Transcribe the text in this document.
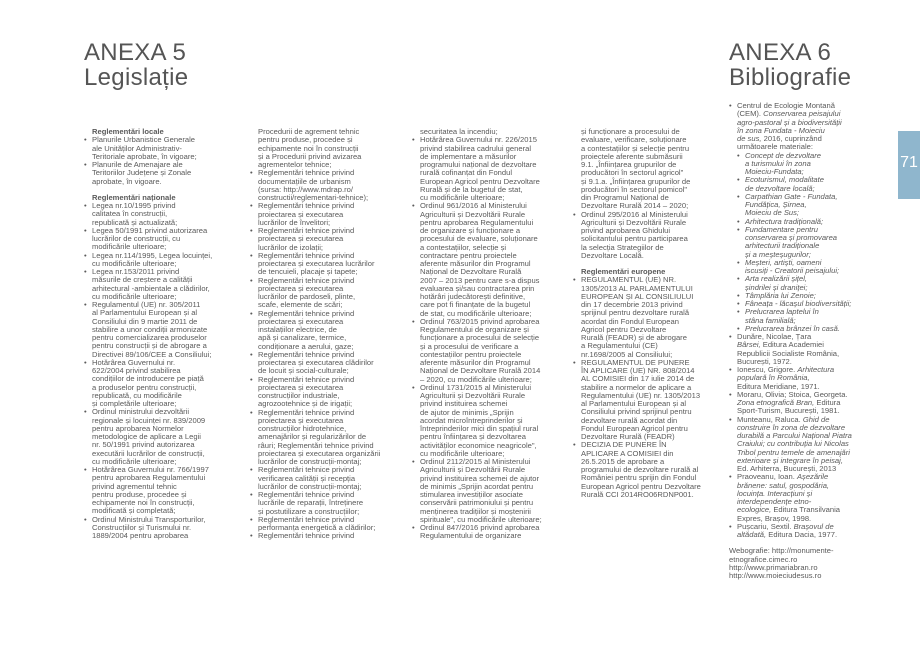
ANEXA 5
Legislație
ANEXA 6
Bibliografie
Reglementări locale
• Planurile Urbanistice Generale
ale Unităților Administrativ-
Teritoriale aprobate, în vigoare;
• Planurile de Amenajare ale
Teritoriilor Județene și Zonale
aprobate, în vigoare.
Reglementări naționale
• Legea nr.10/1995 privind
calitatea în construcții,
republicată și actualizată;
• Legea 50/1991 privind autorizarea
lucrărilor de construcții, cu
modificările ulterioare;
• Legea nr.114/1995, Legea locuinței,
cu modificările ulterioare;
• Legea nr.153/2011 privind
măsurile de creștere a calității
arhitectural -ambientale a clădirilor,
cu modificările ulterioare;
• Regulamentul (UE) nr. 305/2011
al Parlamentului European și al
Consiliului din 9 martie 2011 de
stabilire a unor condiții armonizate
pentru comercializarea produselor
pentru construcții și de abrogare a
Directivei 89/106/CEE a Consiliului;
• Hotărârea Guvernului nr.
622/2004 privind stabilirea
condițiilor de introducere pe piață
a produselor pentru construcții,
republicată, cu modificările
și completările ulterioare;
• Ordinul ministrului dezvoltării
regionale și locuinței nr. 839/2009
pentru aprobarea Normelor
metodologice de aplicare a Legii
nr. 50/1991 privind autorizarea
executării lucrărilor de construcții,
cu modificările ulterioare;
• Hotărârea Guvernului nr. 766/1997
pentru aprobarea Regulamentului
privind agrementul tehnic
pentru produse, procedee și
echipamente noi în construcții,
modificată și completată;
• Ordinul Ministrului Transporturilor,
Construcțiilor și Turismului nr.
1889/2004 pentru aprobarea
Procedurii de agrement tehnic
pentru produse, procedee și
echipamente noi în construcții
și a Procedurii privind avizarea
agrementelor tehnice;
• Reglementări tehnice privind
documentațiile de urbanism
(sursa: http://www.mdrap.ro/
constructii/reglementari-tehnice);
• Reglementări tehnice privind
proiectarea și executarea
lucrărilor de învelitori;
• Reglementări tehnice privind
proiectarea și executarea
lucrărilor de izolații;
• Reglementări tehnice privind
proiectarea și executarea lucrărilor
de tencuieli, placaje și tapete;
• Reglementări tehnice privind
proiectarea și executarea
lucrărilor de pardoseli, plinte,
scafe, elemente de scări;
• Reglementări tehnice privind
proiectarea și executarea
instalațiilor electrice, de
apă și canalizare, termice,
condiționare a aerului, gaze;
• Reglementări tehnice privind
proiectarea și executarea clădirilor
de locuit și social-culturale;
• Reglementări tehnice privind
proiectarea și executarea
construcțiilor industriale,
agrozootehnice și de irigații;
• Reglementări tehnice privind
proiectarea și executarea
construcțiilor hidrotehnice,
amenajărilor și regularizărilor de
râuri; Reglementări tehnice privind
proiectarea și executarea organizării
lucrărilor de construcții-montaj;
• Reglementări tehnice privind
verificarea calității și recepția
lucrărilor de construcții-montaj;
• Reglementări tehnice privind
lucrările de reparații, întreținere
și postutilizare a construcțiilor;
• Reglementări tehnice privind
performanța energetică a clădirilor;
• Reglementări tehnice privind
securitatea la incendiu;
• Hotărârea Guvernului nr. 226/2015
privind stabilirea cadrului general
de implementare a măsurilor
programului național de dezvoltare
rurală cofinanțat din Fondul
European Agricol pentru Dezvoltare
Rurală și de la bugetul de stat,
cu modificările ulterioare;
• Ordinul 961/2016 al Ministerului
Agriculturii și Dezvoltării Rurale
pentru aprobarea Regulamentului
de organizare și funcționare a
procesului de evaluare, soluționare
a contestațiilor, selecție și
contractare pentru proiectele
aferente măsurilor din Programul
Național de Dezvoltare Rurală
2007 – 2013 pentru care s-a dispus
evaluarea și/sau contractarea prin
hotărâri judecătorești definitive,
care pot fi finanțate de la bugetul
de stat, cu modificările ulterioare;
• Ordinul 763/2015 privind aprobarea
Regulamentului de organizare și
funcționare a procesului de selecție
și a procesului de verificare a
contestațiilor pentru proiectele
aferente măsurilor din Programul
Național de Dezvoltare Rurală 2014
– 2020, cu modificările ulterioare;
• Ordinul 1731/2015 al Ministerului
Agriculturii și Dezvoltării Rurale
privind instituirea schemei
de ajutor de minimis „Sprijin
acordat microîntreprinderilor și
întreprinderilor mici din spațiul rural
pentru înființarea și dezvoltarea
activităților economice neagricole",
cu modificările ulterioare;
• Ordinul 2112/2015 al Ministerului
Agriculturii și Dezvoltării Rurale
privind instituirea schemei de ajutor
de minimis „Sprijin acordat pentru
stimularea investițiilor asociate
conservării patrimoniului și pentru
menținerea tradițiilor și moștenirii
spirituale", cu modificările ulterioare;
• Ordinul 847/2016 privind aprobarea
Regulamentului de organizare
și funcționare a procesului de
evaluare, verificare, soluționare
a contestațiilor și selecție pentru
proiectele aferente submăsurii
9.1. „Înființarea grupurilor de
producători în sectorul agricol"
și 9.1.a. „Înființarea grupurilor de
producători în sectorul pomicol"
din Programul Național de
Dezvoltare Rurală 2014 – 2020;
• Ordinul 295/2016 al Ministerului
Agriculturii și Dezvoltării Rurale
privind aprobarea Ghidului
solicitantului pentru participarea
la selecția Strategiilor de
Dezvoltare Locală.
Reglementări europene
• REGULAMENTUL (UE) NR.
1305/2013 AL PARLAMENTULUI
EUROPEAN ȘI AL CONSILIULUI
din 17 decembrie 2013 privind
sprijinul pentru dezvoltare rurală
acordat din Fondul European
Agricol pentru Dezvoltare
Rurală (FEADR) și de abrogare
a Regulamentului (CE)
nr.1698/2005 al Consiliului;
• REGULAMENTUL DE PUNERE
ÎN APLICARE (UE) NR. 808/2014
AL COMISIEI din 17 iulie 2014 de
stabilire a normelor de aplicare a
Regulamentului (UE) nr. 1305/2013
al Parlamentului European și al
Consiliului privind sprijinul pentru
dezvoltare rurală acordat din
Fondul European Agricol pentru
Dezvoltare Rurală (FEADR)
• DECIZIA DE PUNERE ÎN
APLICARE A COMISIEI din
26.5.2015 de aprobare a
programului de dezvoltare rurală al
României pentru sprijin din Fondul
European Agricol pentru Dezvoltare
Rurală CCI 2014RO06RDNP001.
• Centrul de Ecologie Montană
(CEM). Conservarea peisajului
agro-pastoral și a biodiversității
în zona Fundata - Moieciu
de sus, 2016, cuprinzând
următoarele materiale:
• Concept de dezvoltare
a turismului în zona
Moieciu-Fundata;
• Ecoturismul, modalitate
de dezvoltare locală;
• Carpathian Gate - Fundata,
Fundățica, Șirnea,
Moieciu de Sus;
• Arhitectura tradițională;
• Fundamentare pentru
conservarea și promovarea
arhitecturii tradiționale
și a meșteșugurilor;
• Meșteri, artiști, oameni
iscusiți - Creatorii peisajului;
• Arta realizării șițel,
șindrilei și draniței;
• Tâmplăria lui Zenoie;
• Fâneața - lăcașul biodiversității;
• Prelucrarea laptelui în
stâna familială;
• Prelucrarea brânzei în casă.
• Dunăre, Nicolae, Țara
Bârsei, Editura Academiei
Republicii Socialiste România,
București, 1972.
• Ionescu, Grigore. Arhitectura
populară în România,
Editura Meridiane, 1971.
• Moraru, Olivia; Stoica, Georgeta.
Zona etnografică Bran, Editura
Sport-Turism, București, 1981.
• Munteanu, Raluca. Ghid de
construire în zona de dezvoltare
durabilă a Parcului Național Piatra
Craiului; cu contribuția lui Nicolas
Tribol pentru temele de amenajări
exterioare și integrare în peisaj,
Ed. Arhiterra, București, 2013
• Praoveanu, Ioan. Așezările
brănene: satul, gospodăria,
locuința. Interacțiuni și
interdependențe etno-
ecologice, Editura Transilvania
Expres, Brașov, 1998.
• Pușcariu, Sextil. Brașovul de
altădată, Editura Dacia, 1977.
Webografie: http://monumente-
etnografice.cimec.ro
http://www.primariabran.ro
http://www.moieciudesus.ro
71
